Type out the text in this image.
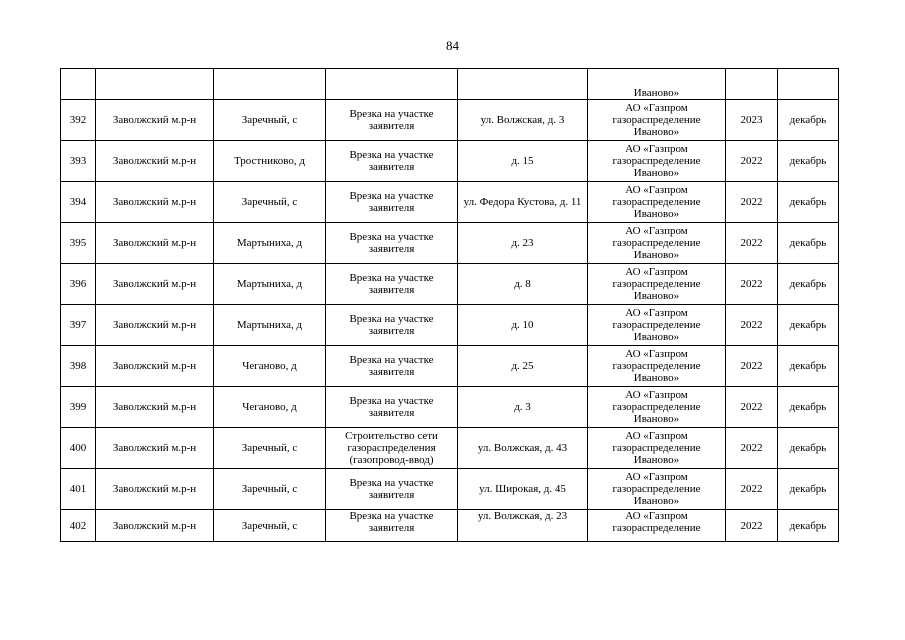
84
					Иваново»		
392	Заволжский м.р-н	Заречный, с	Врезка на участке заявителя	ул. Волжская, д. 3	АО «Газпром газораспределение Иваново»	2023	декабрь
393	Заволжский м.р-н	Тростниково, д	Врезка на участке заявителя	д. 15	АО «Газпром газораспределение Иваново»	2022	декабрь
394	Заволжский м.р-н	Заречный, с	Врезка на участке заявителя	ул. Федора Кустова, д. 11	АО «Газпром газораспределение Иваново»	2022	декабрь
395	Заволжский м.р-н	Мартыниха, д	Врезка на участке заявителя	д. 23	АО «Газпром газораспределение Иваново»	2022	декабрь
396	Заволжский м.р-н	Мартыниха, д	Врезка на участке заявителя	д. 8	АО «Газпром газораспределение Иваново»	2022	декабрь
397	Заволжский м.р-н	Мартыниха, д	Врезка на участке заявителя	д. 10	АО «Газпром газораспределение Иваново»	2022	декабрь
398	Заволжский м.р-н	Чеганово, д	Врезка на участке заявителя	д. 25	АО «Газпром газораспределение Иваново»	2022	декабрь
399	Заволжский м.р-н	Чеганово, д	Врезка на участке заявителя	д. 3	АО «Газпром газораспределение Иваново»	2022	декабрь
400	Заволжский м.р-н	Заречный, с	Строительство сети газораспределения (газопровод-ввод)	ул. Волжская, д. 43	АО «Газпром газораспределение Иваново»	2022	декабрь
401	Заволжский м.р-н	Заречный, с	Врезка на участке заявителя	ул. Широкая, д. 45	АО «Газпром газораспределение Иваново»	2022	декабрь
402	Заволжский м.р-н	Заречный, с	Врезка на участке заявителя	ул. Волжская, д. 23	АО «Газпром газораспределение	2022	декабрь
